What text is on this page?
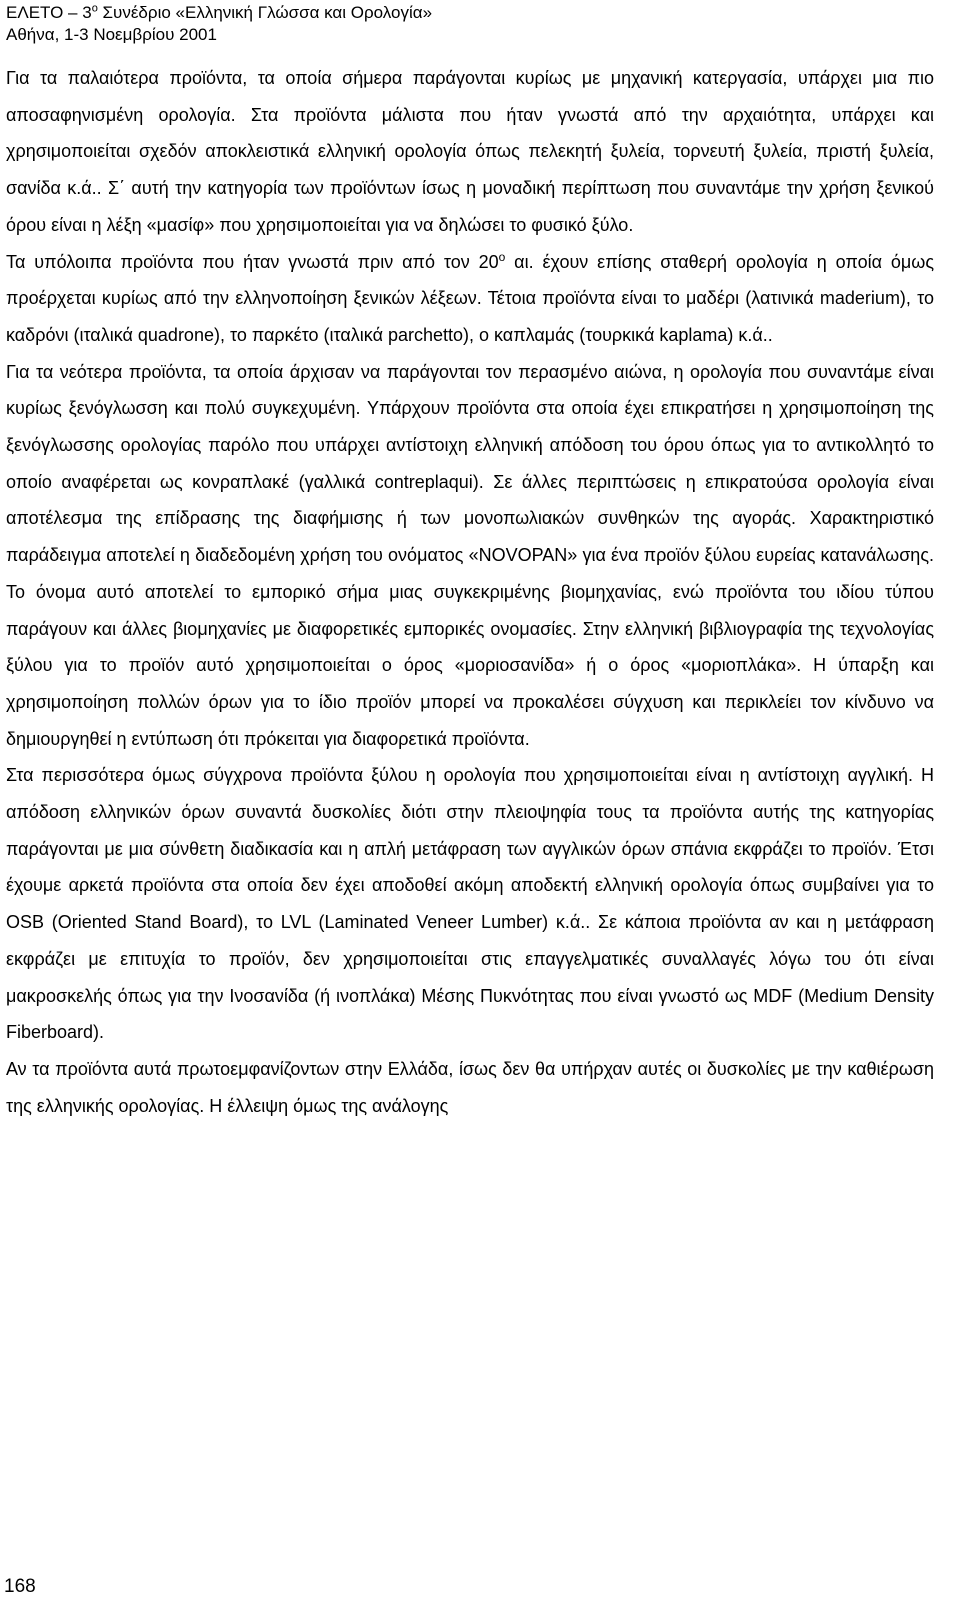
ΕΛΕΤΟ – $3^o$ Συνέδριο «Ελληνική Γλώσσα και Ορολογία»
Αθήνα, 1-3 Νοεμβρίου 2001

Για τα παλαιότερα προϊόντα, τα οποία σήμερα παράγονται κυρίως με μηχανική κατεργασία, υπάρχει μια πιο αποσαφηνισμένη ορολογία. Στα προϊόντα μάλιστα που ήταν γνωστά από την αρχαιότητα, υπάρχει και χρησιμοποιείται σχεδόν αποκλειστικά ελληνική ορολογία όπως πελεκητή ξυλεία, τορνευτή ξυλεία, πριστή ξυλεία, σανίδα κ.ά.. Σ΄ αυτή την κατηγορία των προϊόντων ίσως η μοναδική περίπτωση που συναντάμε την χρήση ξενικού όρου είναι η λέξη «μασίφ» που χρησιμοποιείται για να δηλώσει το φυσικό ξύλο.

Τα υπόλοιπα προϊόντα που ήταν γνωστά πριν από τον $20^o$ αι. έχουν επίσης σταθερή ορολογία η οποία όμως προέρχεται κυρίως από την ελληνοποίηση ξενικών λέξεων. Τέτοια προϊόντα είναι το μαδέρι (λατινικά maderium), το καδρόνι (ιταλικά quadrone), το παρκέτο (ιταλικά parchetto), ο καπλαμάς (τουρκικά kaplama) κ.ά..

Για τα νεότερα προϊόντα, τα οποία άρχισαν να παράγονται τον περασμένο αιώνα, η ορολογία που συναντάμε είναι κυρίως ξενόγλωσση και πολύ συγκεχυμένη. Υπάρχουν προϊόντα στα οποία έχει επικρατήσει η χρησιμοποίηση της ξενόγλωσσης ορολογίας παρόλο που υπάρχει αντίστοιχη ελληνική απόδοση του όρου όπως για το αντικολλητό το οποίο αναφέρεται ως κονραπλακέ (γαλλικά contreplaqui). Σε άλλες περιπτώσεις η επικρατούσα ορολογία είναι αποτέλεσμα της επίδρασης της διαφήμισης ή των μονοπωλιακών συνθηκών της αγοράς. Χαρακτηριστικό παράδειγμα αποτελεί η διαδεδομένη χρήση του ονόματος «NOVOPAN» για ένα προϊόν ξύλου ευρείας κατανάλωσης. Το όνομα αυτό αποτελεί το εμπορικό σήμα μιας συγκεκριμένης βιομηχανίας, ενώ προϊόντα του ιδίου τύπου παράγουν και άλλες βιομηχανίες με διαφορετικές εμπορικές ονομασίες. Στην ελληνική βιβλιογραφία της τεχνολογίας ξύλου για το προϊόν αυτό χρησιμοποιείται ο όρος «μοριοσανίδα» ή ο όρος «μοριοπλάκα». Η ύπαρξη και χρησιμοποίηση πολλών όρων για το ίδιο προϊόν μπορεί να προκαλέσει σύγχυση και περικλείει τον κίνδυνο να δημιουργηθεί η εντύπωση ότι πρόκειται για διαφορετικά προϊόντα.

Στα περισσότερα όμως σύγχρονα προϊόντα ξύλου η ορολογία που χρησιμοποιείται είναι η αντίστοιχη αγγλική. Η απόδοση ελληνικών όρων συναντά δυσκολίες διότι στην πλειοψηφία τους τα προϊόντα αυτής της κατηγορίας παράγονται με μια σύνθετη διαδικασία και η απλή μετάφραση των αγγλικών όρων σπάνια εκφράζει το προϊόν. Έτσι έχουμε αρκετά προϊόντα στα οποία δεν έχει αποδοθεί ακόμη αποδεκτή ελληνική ορολογία όπως συμβαίνει για το OSB (Oriented Stand Board), το LVL (Laminated Veneer Lumber) κ.ά.. Σε κάποια προϊόντα αν και η μετάφραση εκφράζει με επιτυχία το προϊόν, δεν χρησιμοποιείται στις επαγγελματικές συναλλαγές λόγω του ότι είναι μακροσκελής όπως για την Ινοσανίδα (ή ινοπλάκα) Μέσης Πυκνότητας που είναι γνωστό ως MDF (Medium Density Fiberboard).

Αν τα προϊόντα αυτά πρωτοεμφανίζοντων στην Ελλάδα, ίσως δεν θα υπήρχαν αυτές οι δυσκολίες με την καθιέρωση της ελληνικής ορολογίας. Η έλλειψη όμως της ανάλογης

168
